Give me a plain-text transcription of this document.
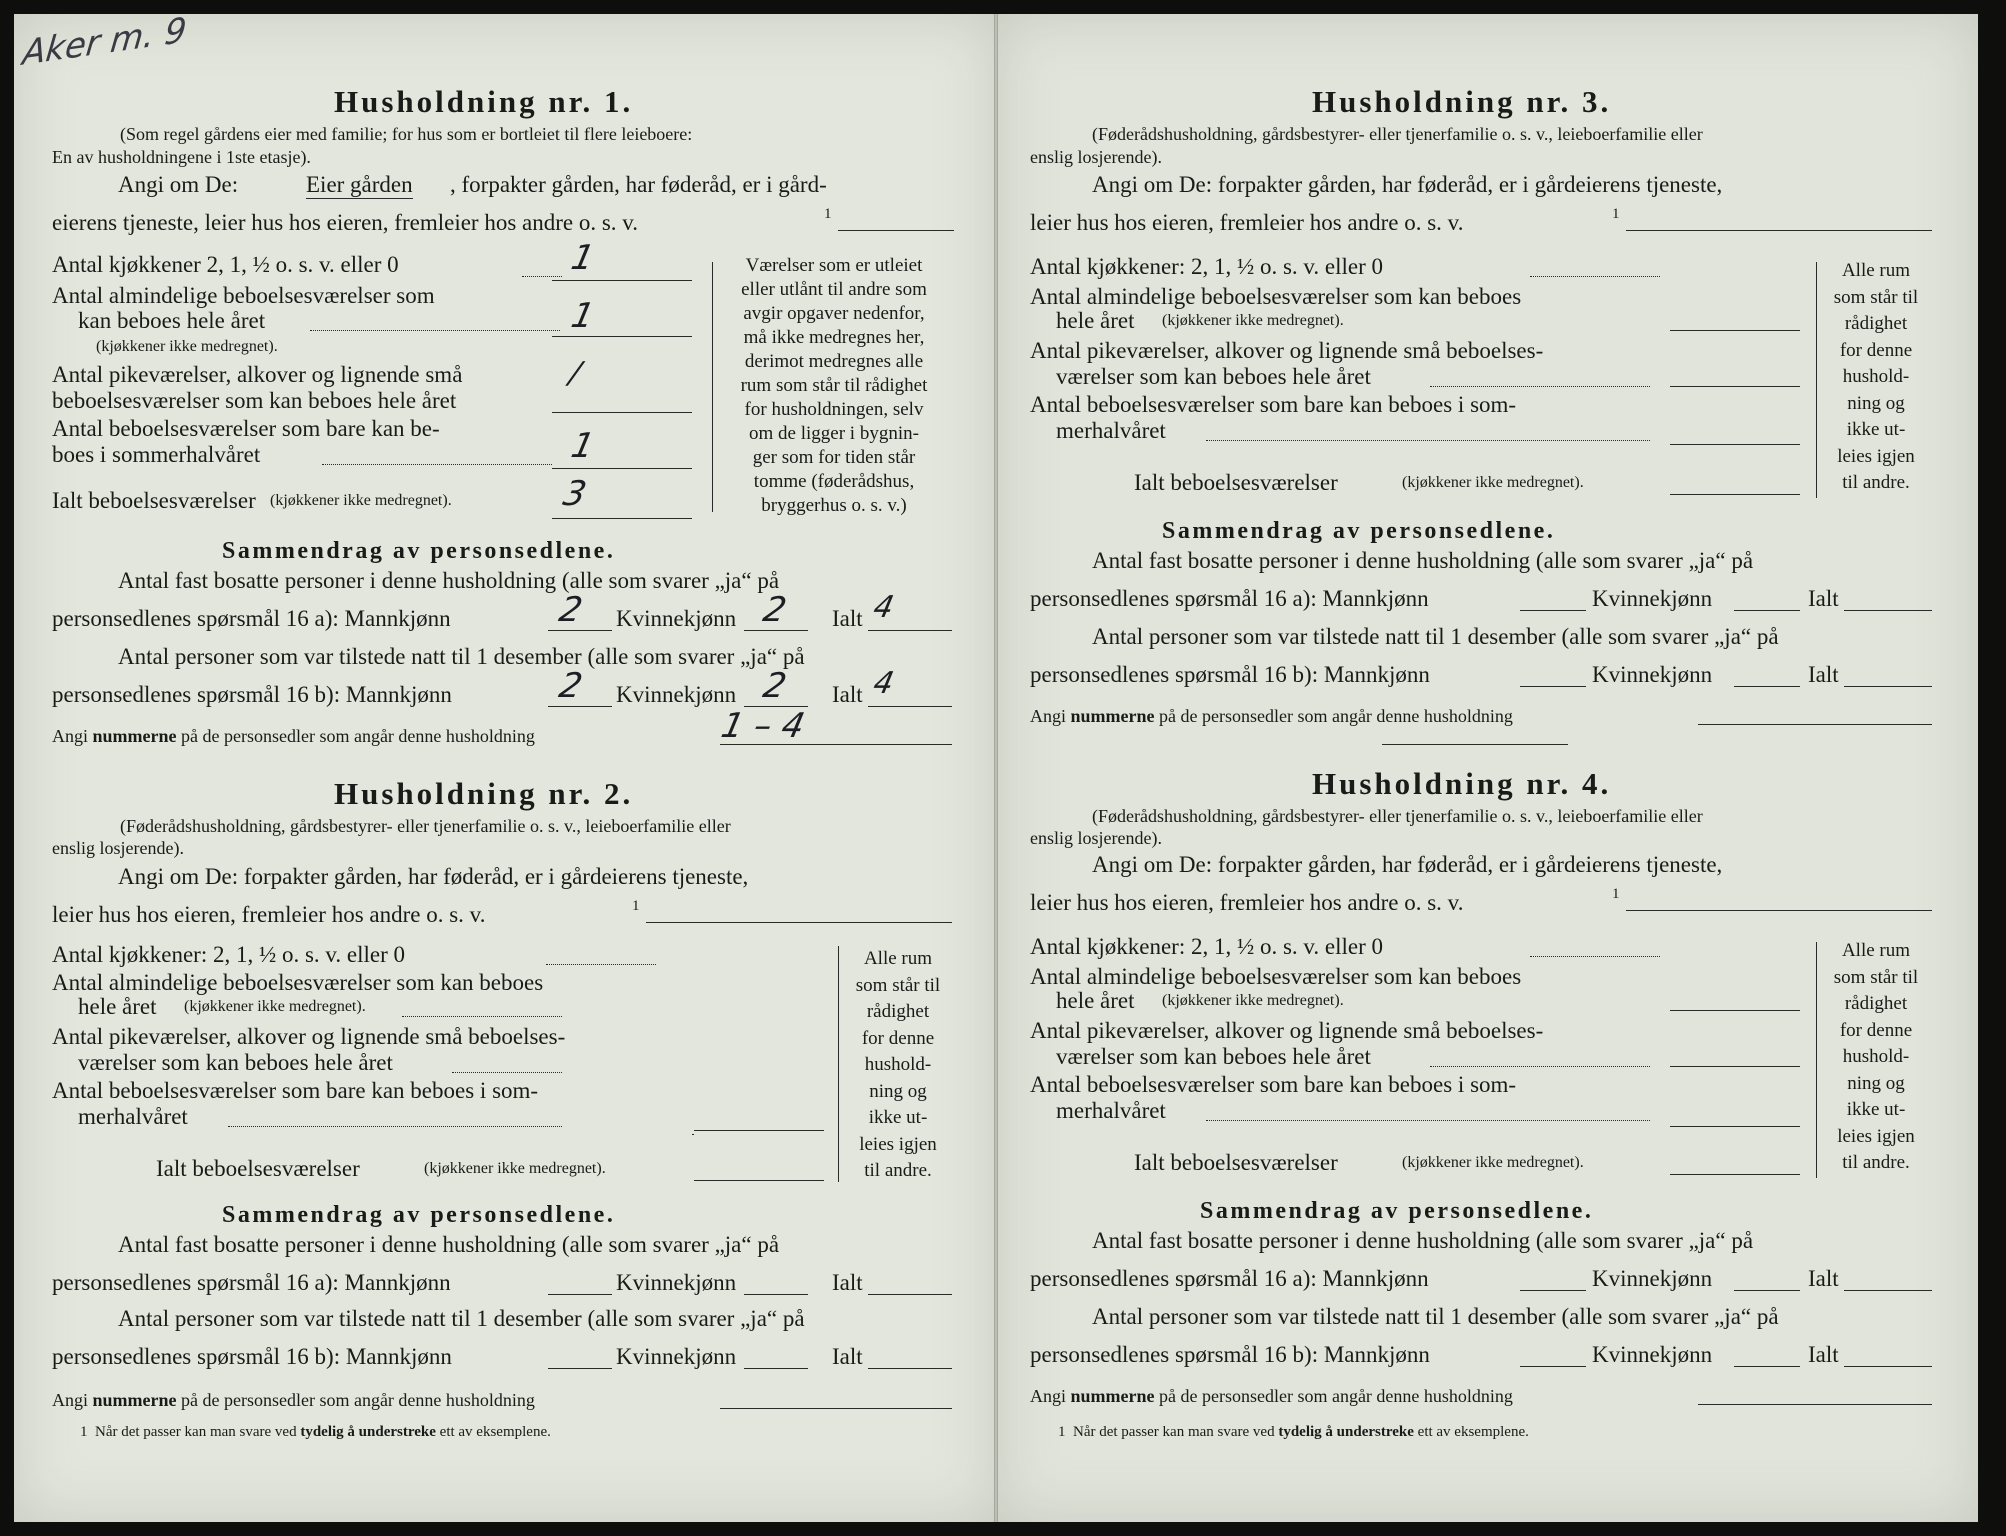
Aker m. 9
Husholdning nr. 1.
(Som regel gårdens eier med familie; for hus som er bortleiet til flere leieboere:
En av husholdningene i 1ste etasje).
Angi om De:	Eier gården , forpakter gården, har føderåd, er i gård-
eierens tjeneste, leier hus hos eieren, fremleier hos andre o. s. v.	1
Antal kjøkkener 2, 1, ½ o. s. v. eller 0	1
Antal almindelige beboelsesværelser som
kan beboes hele året	1
(kjøkkener ikke medregnet).
Antal pikeværelser, alkover og lignende små	/
beboelsesværelser som kan beboes hele året
Antal beboelsesværelser som bare kan be-
boes i sommerhalvåret	1
Ialt beboelsesværelser (kjøkkener ikke medregnet).	3
Værelser som er utleiet
eller utlånt til andre som
avgir opgaver nedenfor,
må ikke medregnes her,
derimot medregnes alle
rum som står til rådighet
for husholdningen, selv
om de ligger i bygnin-
ger som for tiden står
tomme (føderådshus,
bryggerhus o. s. v.)
Sammendrag av personsedlene.
Antal fast bosatte personer i denne husholdning (alle som svarer „ja“ på
personsedlenes spørsmål 16 a): Mannkjønn	2 Kvinnekjønn 2 Ialt 4
Antal personer som var tilstede natt til 1 desember (alle som svarer „ja“ på
personsedlenes spørsmål 16 b): Mannkjønn	2 Kvinnekjønn 2 Ialt 4
Angi nummerne på de personsedler som angår denne husholdning	1 – 4
Husholdning nr. 2.
(Føderådshusholdning, gårdsbestyrer- eller tjenerfamilie o. s. v., leieboerfamilie eller
enslig losjerende).
Angi om De: forpakter gården, har føderåd, er i gårdeierens tjeneste,
leier hus hos eieren, fremleier hos andre o. s. v.	1
Antal kjøkkener: 2, 1, ½ o. s. v. eller 0
Antal almindelige beboelsesværelser som kan beboes
hele året (kjøkkener ikke medregnet).
Antal pikeværelser, alkover og lignende små beboelses-
værelser som kan beboes hele året
Antal beboelsesværelser som bare kan beboes i som-
merhalvåret
Ialt beboelsesværelser	(kjøkkener ikke medregnet).
Alle rum
som står til
rådighet
for denne
hushold-
ning og
ikke ut-
leies igjen
til andre.
Sammendrag av personsedlene.
Antal fast bosatte personer i denne husholdning (alle som svarer „ja“ på
personsedlenes spørsmål 16 a): Mannkjønn	Kvinnekjønn	Ialt
Antal personer som var tilstede natt til 1 desember (alle som svarer „ja“ på
personsedlenes spørsmål 16 b): Mannkjønn	Kvinnekjønn	Ialt
Angi nummerne på de personsedler som angår denne husholdning
1 Når det passer kan man svare ved tydelig å understreke ett av eksemplene.
Husholdning nr. 3.
(Føderådshusholdning, gårdsbestyrer- eller tjenerfamilie o. s. v., leieboerfamilie eller
enslig losjerende).
Angi om De: forpakter gården, har føderåd, er i gårdeierens tjeneste,
leier hus hos eieren, fremleier hos andre o. s. v.	1
Antal kjøkkener: 2, 1, ½ o. s. v. eller 0
Antal almindelige beboelsesværelser som kan beboes
hele året (kjøkkener ikke medregnet).
Antal pikeværelser, alkover og lignende små beboelses-
værelser som kan beboes hele året
Antal beboelsesværelser som bare kan beboes i som-
merhalvåret
Ialt beboelsesværelser	(kjøkkener ikke medregnet).
Alle rum
som står til
rådighet
for denne
hushold-
ning og
ikke ut-
leies igjen
til andre.
Sammendrag av personsedlene.
Antal fast bosatte personer i denne husholdning (alle som svarer „ja“ på
personsedlenes spørsmål 16 a): Mannkjønn	Kvinnekjønn	Ialt
Antal personer som var tilstede natt til 1 desember (alle som svarer „ja“ på
personsedlenes spørsmål 16 b): Mannkjønn	Kvinnekjønn	Ialt
Angi nummerne på de personsedler som angår denne husholdning
Husholdning nr. 4.
(Føderådshusholdning, gårdsbestyrer- eller tjenerfamilie o. s. v., leieboerfamilie eller
enslig losjerende).
Angi om De: forpakter gården, har føderåd, er i gårdeierens tjeneste,
leier hus hos eieren, fremleier hos andre o. s. v.	1
Antal kjøkkener: 2, 1, ½ o. s. v. eller 0
Antal almindelige beboelsesværelser som kan beboes
hele året (kjøkkener ikke medregnet).
Antal pikeværelser, alkover og lignende små beboelses-
værelser som kan beboes hele året
Antal beboelsesværelser som bare kan beboes i som-
merhalvåret
Ialt beboelsesværelser	(kjøkkener ikke medregnet).
Alle rum
som står til
rådighet
for denne
hushold-
ning og
ikke ut-
leies igjen
til andre.
Sammendrag av personsedlene.
Antal fast bosatte personer i denne husholdning (alle som svarer „ja“ på
personsedlenes spørsmål 16 a): Mannkjønn	Kvinnekjønn	Ialt
Antal personer som var tilstede natt til 1 desember (alle som svarer „ja“ på
personsedlenes spørsmål 16 b): Mannkjønn	Kvinnekjønn	Ialt
Angi nummerne på de personsedler som angår denne husholdning
1 Når det passer kan man svare ved tydelig å understreke ett av eksemplene.
